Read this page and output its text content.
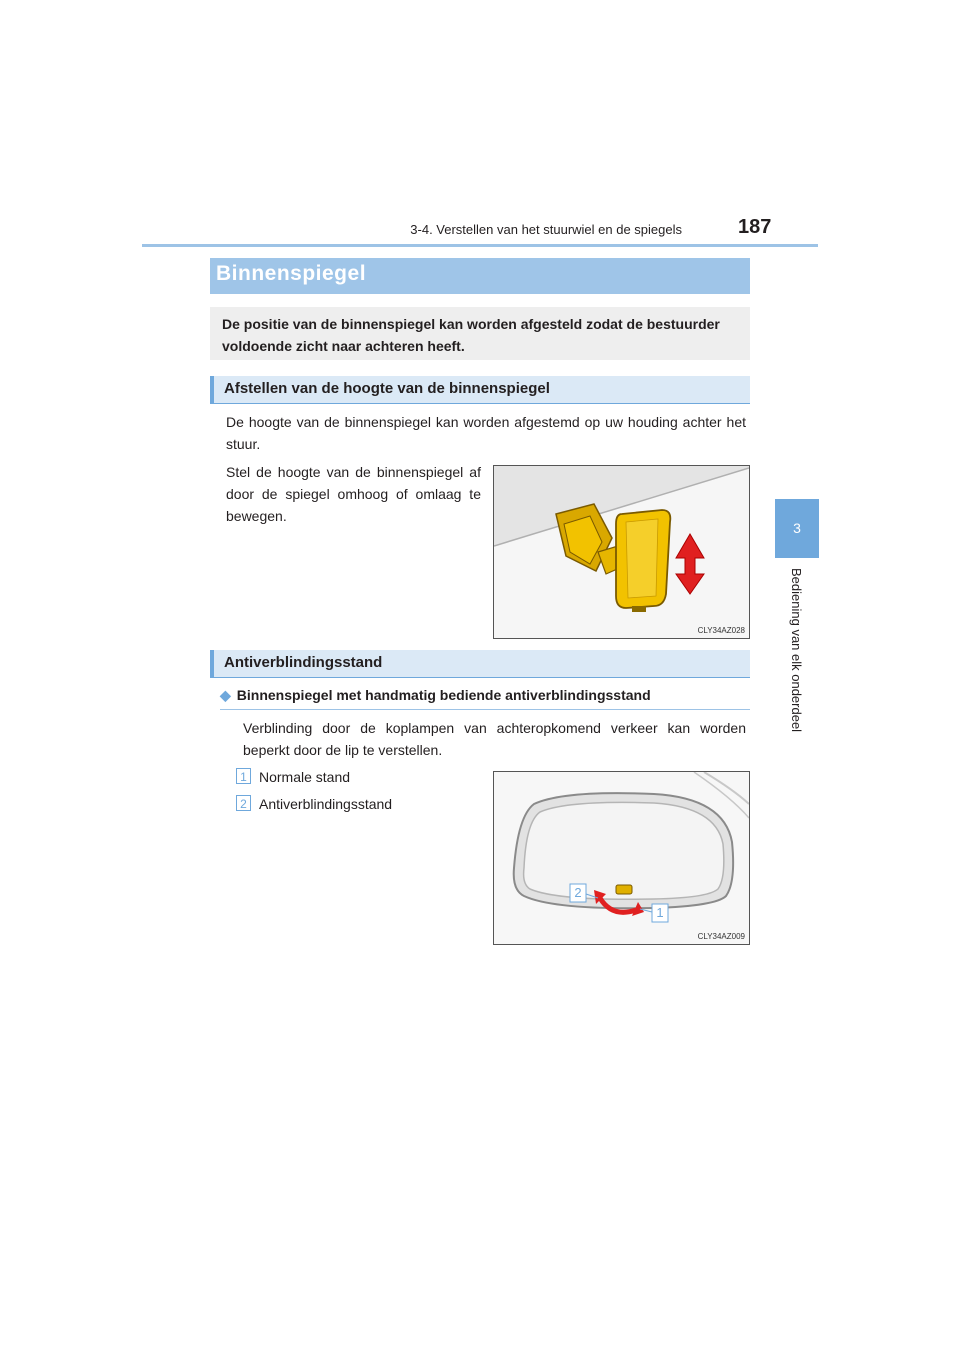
3-4. Verstellen van het stuurwiel en de spiegels	187
3
Bediening van elk onderdeel
Binnenspiegel
De positie van de binnenspiegel kan worden afgesteld zodat de bestuurder voldoende zicht naar achteren heeft.
Afstellen van de hoogte van de binnenspiegel
De hoogte van de binnenspiegel kan worden afgestemd op uw houding achter het stuur.
Stel de hoogte van de binnenspiegel af door de spiegel omhoog of omlaag te bewegen.
CLY34AZ028
Antiverblindingsstand
◆ Binnenspiegel met handmatig bediende antiverblindingsstand
Verblinding door de koplampen van achteropkomend verkeer kan worden beperkt door de lip te verstellen.
1 Normale stand
2 Antiverblindingsstand
2
1
CLY34AZ009
